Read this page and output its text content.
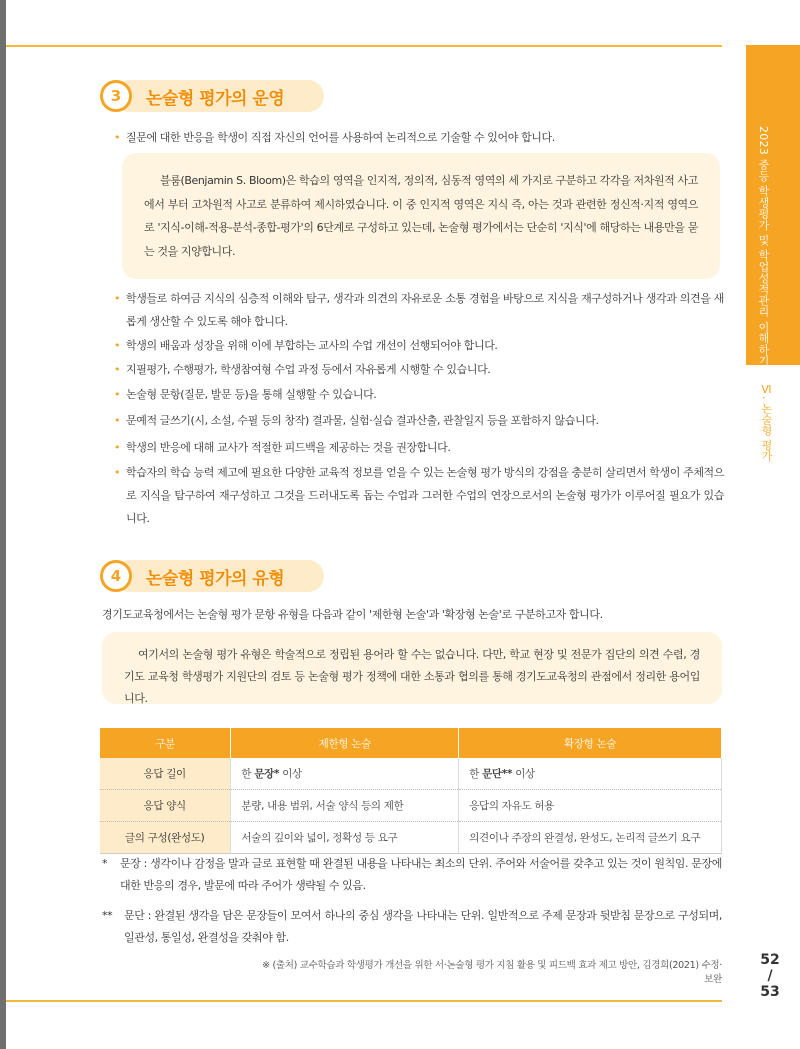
2023 중등 학생평가 및 학업성적관리 이해하기
Ⅵ. 논술형 평가
3	논술형 평가의 운영
• 질문에 대한 반응을 학생이 직접 자신의 언어를 사용하여 논리적으로 기술할 수 있어야 합니다.

블룸(Benjamin S. Bloom)은 학습의 영역을 인지적, 정의적, 심동적 영역의 세 가지로 구분하고 각각을 저차원적 사고에서 부터 고차원적 사고로 분류하여 제시하였습니다. 이 중 인지적 영역은 지식 즉, 아는 것과 관련한 정신적·지적 영역으로 '지식-이해-적용-분석-종합-평가'의 6단계로 구성하고 있는데, 논술형 평가에서는 단순히 '지식'에 해당하는 내용만을 묻는 것을 지양합니다.

• 학생들로 하여금 지식의 심층적 이해와 탐구, 생각과 의견의 자유로운 소통 경험을 바탕으로 지식을 재구성하거나 생각과 의견을 새롭게 생산할 수 있도록 해야 합니다.
• 학생의 배움과 성장을 위해 이에 부합하는 교사의 수업 개선이 선행되어야 합니다.
• 지필평가, 수행평가, 학생참여형 수업 과정 등에서 자유롭게 시행할 수 있습니다.
• 논술형 문항(질문, 발문 등)을 통해 실행할 수 있습니다.
• 문예적 글쓰기(시, 소설, 수필 등의 창작) 결과물, 실험·실습 결과산출, 관찰일지 등을 포함하지 않습니다.
• 학생의 반응에 대해 교사가 적절한 피드백을 제공하는 것을 권장합니다.
• 학습자의 학습 능력 제고에 필요한 다양한 교육적 정보를 얻을 수 있는 논술형 평가 방식의 강점을 충분히 살리면서 학생이 주체적으로 지식을 탐구하여 재구성하고 그것을 드러내도록 돕는 수업과 그러한 수업의 연장으로서의 논술형 평가가 이루어질 필요가 있습니다.
4	논술형 평가의 유형
경기도교육청에서는 논술형 평가 문항 유형을 다음과 같이 '제한형 논술'과 '확장형 논술'로 구분하고자 합니다.

여기서의 논술형 평가 유형은 학술적으로 정립된 용어라 할 수는 없습니다. 다만, 학교 현장 및 전문가 집단의 의견 수렴, 경기도 교육청 학생평가 지원단의 검토 등 논술형 평가 정책에 대한 소통과 협의를 통해 경기도교육청의 관점에서 정리한 용어입니다.

구분	제한형 논술	확장형 논술
응답 길이	한 문장* 이상	한 문단** 이상
응답 양식	분량, 내용 범위, 서술 양식 등의 제한	응답의 자유도 허용
글의 구성(완성도)	서술의 깊이와 넓이, 정확성 등 요구	의견이나 주장의 완결성, 완성도, 논리적 글쓰기 요구
*	문장 : 생각이나 감정을 말과 글로 표현할 때 완결된 내용을 나타내는 최소의 단위. 주어와 서술어를 갖추고 있는 것이 원칙임. 문장에 대한 반응의 경우, 발문에 따라 주어가 생략될 수 있음.
**	문단 : 완결된 생각을 담은 문장들이 모여서 하나의 중심 생각을 나타내는 단위. 일반적으로 주제 문장과 뒷받침 문장으로 구성되며, 일관성, 통일성, 완결성을 갖춰야 함.
※ (출처) 교수학습과 학생평가 개선을 위한 서·논술형 평가 지침 활용 및 피드백 효과 제고 방안, 김경희(2021) 수정·보완
52
/
53
